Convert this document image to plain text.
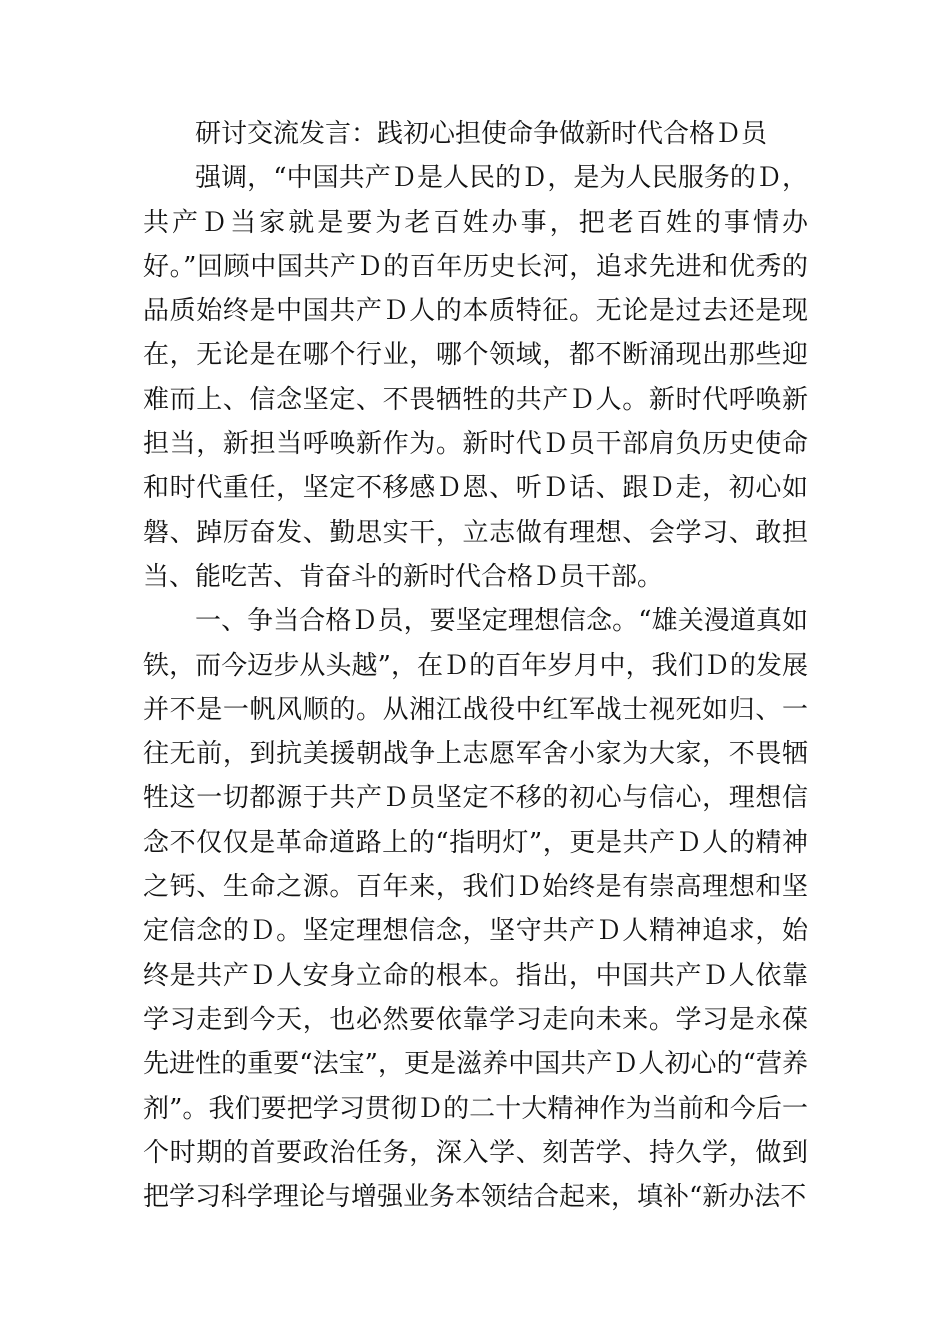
研讨交流发言：践初心担使命争做新时代合格Ｄ员

强调，“中国共产Ｄ是人民的Ｄ，是为人民服务的Ｄ，共产Ｄ当家就是要为老百姓办事，把老百姓的事情办好。”回顾中国共产Ｄ的百年历史长河，追求先进和优秀的品质始终是中国共产Ｄ人的本质特征。无论是过去还是现在，无论是在哪个行业，哪个领域，都不断涌现出那些迎难而上、信念坚定、不畏牺牲的共产Ｄ人。新时代呼唤新担当，新担当呼唤新作为。新时代Ｄ员干部肩负历史使命和时代重任，坚定不移感Ｄ恩、听Ｄ话、跟Ｄ走，初心如磐、踔厉奋发、勤思实干，立志做有理想、会学习、敢担当、能吃苦、肯奋斗的新时代合格Ｄ员干部。

一、争当合格Ｄ员，要坚定理想信念。“雄关漫道真如铁，而今迈步从头越”，在Ｄ的百年岁月中，我们Ｄ的发展并不是一帆风顺的。从湘江战役中红军战士视死如归、一往无前，到抗美援朝战争上志愿军舍小家为大家，不畏牺牲这一切都源于共产Ｄ员坚定不移的初心与信心，理想信念不仅仅是革命道路上的“指明灯”，更是共产Ｄ人的精神之钙、生命之源。百年来，我们Ｄ始终是有崇高理想和坚定信念的Ｄ。坚定理想信念，坚守共产Ｄ人精神追求，始终是共产Ｄ人安身立命的根本。指出，中国共产Ｄ人依靠学习走到今天，也必然要依靠学习走向未来。学习是永葆先进性的重要“法宝”，更是滋养中国共产Ｄ人初心的“营养剂”。我们要把学习贯彻Ｄ的二十大精神作为当前和今后一个时期的首要政治任务，深入学、刻苦学、持久学，做到把学习科学理论与增强业务本领结合起来，填补“新办法不
